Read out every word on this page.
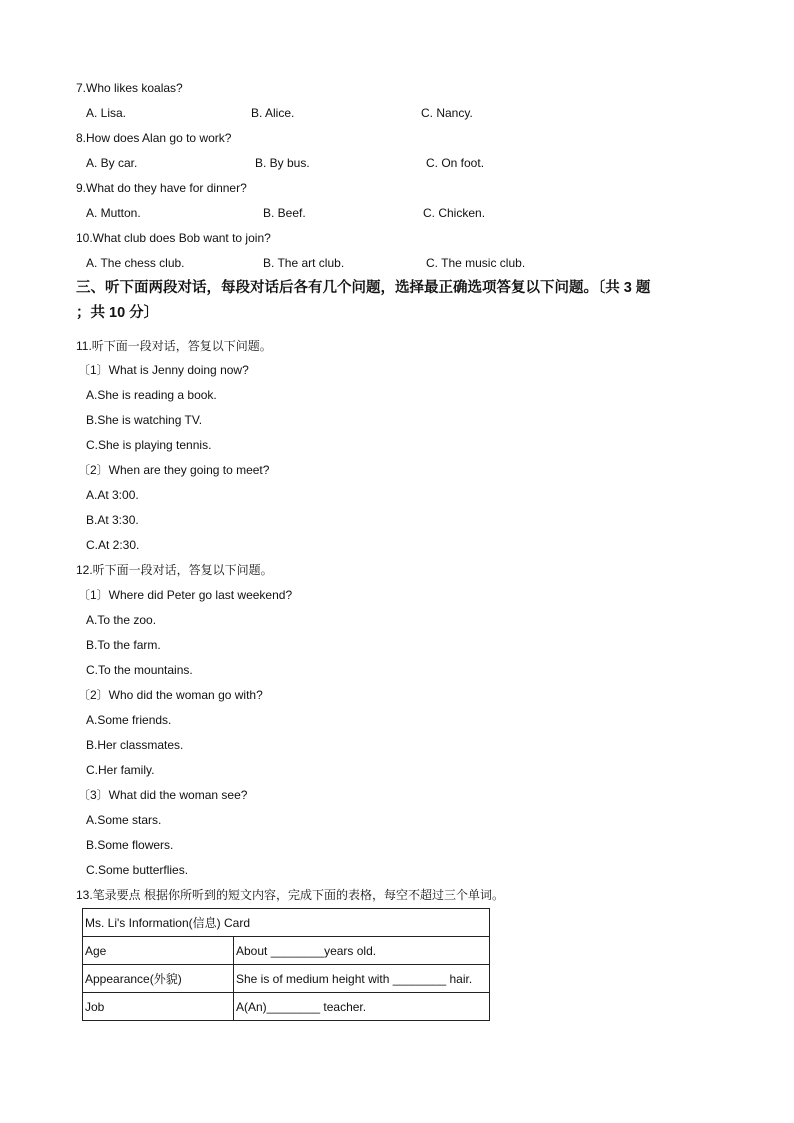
7.Who likes koalas?
A. Lisa.	B. Alice.	C. Nancy.
8.How does Alan go to work?
A. By car.	B. By bus.	C. On foot.
9.What do they have for dinner?
A. Mutton.	B. Beef.	C. Chicken.
10.What club does Bob want to join?
A. The chess club.	B. The art club.	C. The music club.
三、听下面两段对话，每段对话后各有几个问题，选择最正确选项答复以下问题。〔共 3 题
；共 10 分〕
11.听下面一段对话，答复以下问题。
〔1〕What is Jenny doing now?
A.She is reading a book.
B.She is watching TV.
C.She is playing tennis.
〔2〕When are they going to meet?
A.At 3:00.
B.At 3:30.
C.At 2:30.
12.听下面一段对话，答复以下问题。
〔1〕Where did Peter go last weekend?
A.To the zoo.
B.To the farm.
C.To the mountains.
〔2〕Who did the woman go with?
A.Some friends.
B.Her classmates.
C.Her family.
〔3〕What did the woman see?
A.Some stars.
B.Some flowers.
C.Some butterflies.
13.笔录要点 根据你所听到的短文内容，完成下面的表格，每空不超过三个单词。
Ms. Li's Information(信息) Card	
Age	About ________years old.
Appearance(外貌)	She is of medium height with ________ hair.
Job	A(An)________ teacher.
